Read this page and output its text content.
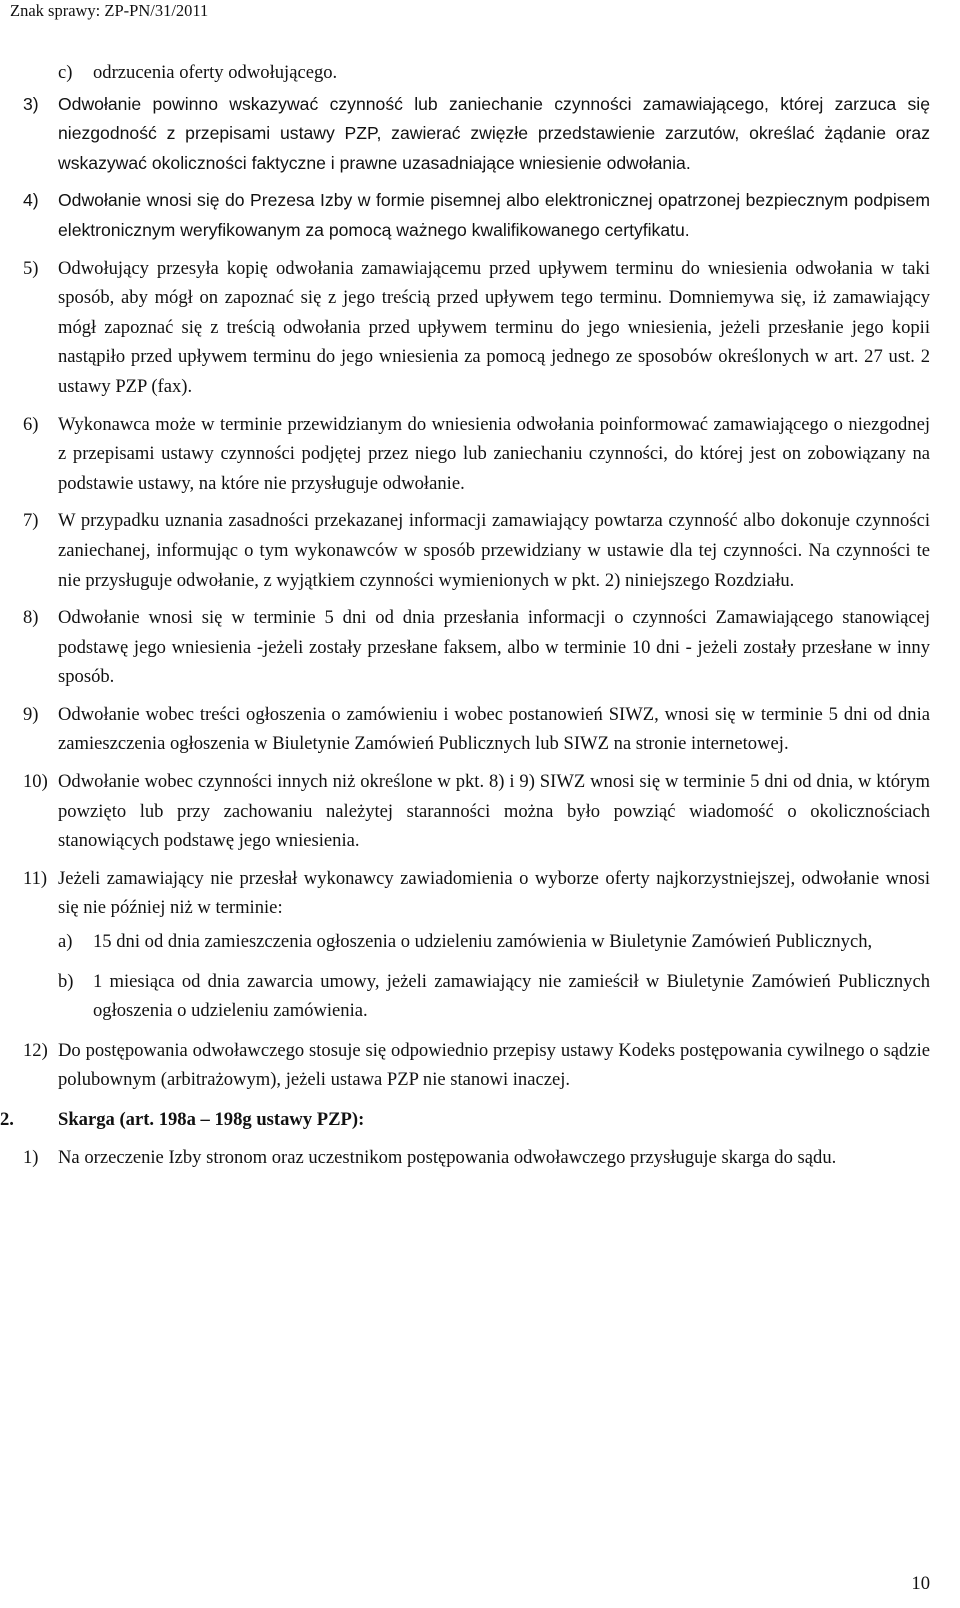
Znak sprawy: ZP-PN/31/2011
c) odrzucenia oferty odwołującego.
3) Odwołanie powinno wskazywać czynność lub zaniechanie czynności zamawiającego, której zarzuca się niezgodność z przepisami ustawy PZP, zawierać zwięzłe przedstawienie zarzutów, określać żądanie oraz wskazywać okoliczności faktyczne i prawne uzasadniające wniesienie odwołania.
4) Odwołanie wnosi się do Prezesa Izby w formie pisemnej albo elektronicznej opatrzonej bezpiecznym podpisem elektronicznym weryfikowanym za pomocą ważnego kwalifikowanego certyfikatu.
5) Odwołujący przesyła kopię odwołania zamawiającemu przed upływem terminu do wniesienia odwołania w taki sposób, aby mógł on zapoznać się z jego treścią przed upływem tego terminu. Domniemywa się, iż zamawiający mógł zapoznać się z treścią odwołania przed upływem terminu do jego wniesienia, jeżeli przesłanie jego kopii nastąpiło przed upływem terminu do jego wniesienia za pomocą jednego ze sposobów określonych w art. 27 ust. 2 ustawy PZP (fax).
6) Wykonawca może w terminie przewidzianym do wniesienia odwołania poinformować zamawiającego o niezgodnej z przepisami ustawy czynności podjętej przez niego lub zaniechaniu czynności, do której jest on zobowiązany na podstawie ustawy, na które nie przysługuje odwołanie.
7) W przypadku uznania zasadności przekazanej informacji zamawiający powtarza czynność albo dokonuje czynności zaniechanej, informując o tym wykonawców w sposób przewidziany w ustawie dla tej czynności. Na czynności te nie przysługuje odwołanie, z wyjątkiem czynności wymienionych w pkt. 2) niniejszego Rozdziału.
8) Odwołanie wnosi się w terminie 5 dni od dnia przesłania informacji o czynności Zamawiającego stanowiącej podstawę jego wniesienia -jeżeli zostały przesłane faksem, albo w terminie 10 dni - jeżeli zostały przesłane w inny sposób.
9) Odwołanie wobec treści ogłoszenia o zamówieniu i wobec postanowień SIWZ, wnosi się w terminie 5 dni od dnia zamieszczenia ogłoszenia w Biuletynie Zamówień Publicznych lub SIWZ na stronie internetowej.
10) Odwołanie wobec czynności innych niż określone w pkt. 8) i 9) SIWZ wnosi się w terminie 5 dni od dnia, w którym powzięto lub przy zachowaniu należytej staranności można było powziąć wiadomość o okolicznościach stanowiących podstawę jego wniesienia.
11) Jeżeli zamawiający nie przesłał wykonawcy zawiadomienia o wyborze oferty najkorzystniejszej, odwołanie wnosi się nie później niż w terminie:
a) 15 dni od dnia zamieszczenia ogłoszenia o udzieleniu zamówienia w Biuletynie Zamówień Publicznych,
b) 1 miesiąca od dnia zawarcia umowy, jeżeli zamawiający nie zamieścił w Biuletynie Zamówień Publicznych ogłoszenia o udzieleniu zamówienia.
12) Do postępowania odwoławczego stosuje się odpowiednio przepisy ustawy Kodeks postępowania cywilnego o sądzie polubownym (arbitrażowym), jeżeli ustawa PZP nie stanowi inaczej.
2. Skarga (art. 198a – 198g ustawy PZP):
1) Na orzeczenie Izby stronom oraz uczestnikom postępowania odwoławczego przysługuje skarga do sądu.
10
